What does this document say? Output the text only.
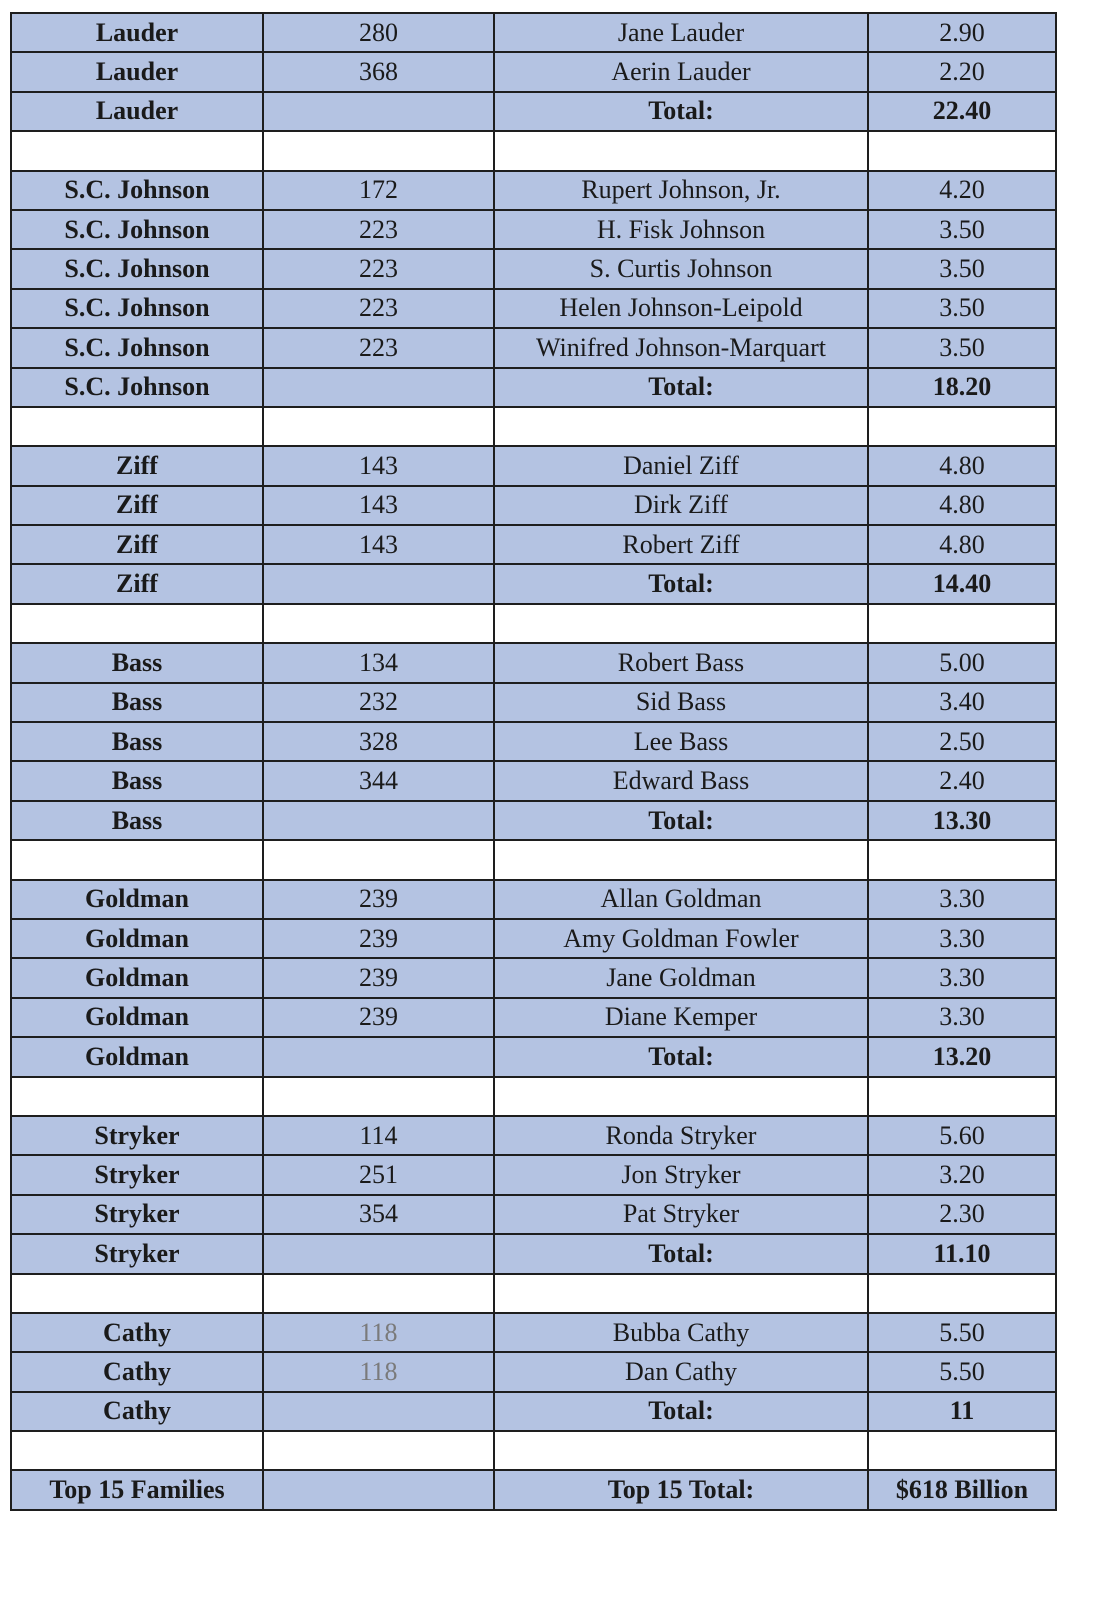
Lauder	280	Jane Lauder	2.90
Lauder	368	Aerin Lauder	2.20
Lauder		Total:	22.40

S.C. Johnson	172	Rupert Johnson, Jr.	4.20
S.C. Johnson	223	H. Fisk Johnson	3.50
S.C. Johnson	223	S. Curtis Johnson	3.50
S.C. Johnson	223	Helen Johnson-Leipold	3.50
S.C. Johnson	223	Winifred Johnson-Marquart	3.50
S.C. Johnson		Total:	18.20

Ziff	143	Daniel Ziff	4.80
Ziff	143	Dirk Ziff	4.80
Ziff	143	Robert Ziff	4.80
Ziff		Total:	14.40

Bass	134	Robert Bass	5.00
Bass	232	Sid Bass	3.40
Bass	328	Lee Bass	2.50
Bass	344	Edward Bass	2.40
Bass		Total:	13.30

Goldman	239	Allan Goldman	3.30
Goldman	239	Amy Goldman Fowler	3.30
Goldman	239	Jane Goldman	3.30
Goldman	239	Diane Kemper	3.30
Goldman		Total:	13.20

Stryker	114	Ronda Stryker	5.60
Stryker	251	Jon Stryker	3.20
Stryker	354	Pat Stryker	2.30
Stryker		Total:	11.10

Cathy	118	Bubba Cathy	5.50
Cathy	118	Dan Cathy	5.50
Cathy		Total:	11

Top 15 Families		Top 15 Total:	$618 Billion
